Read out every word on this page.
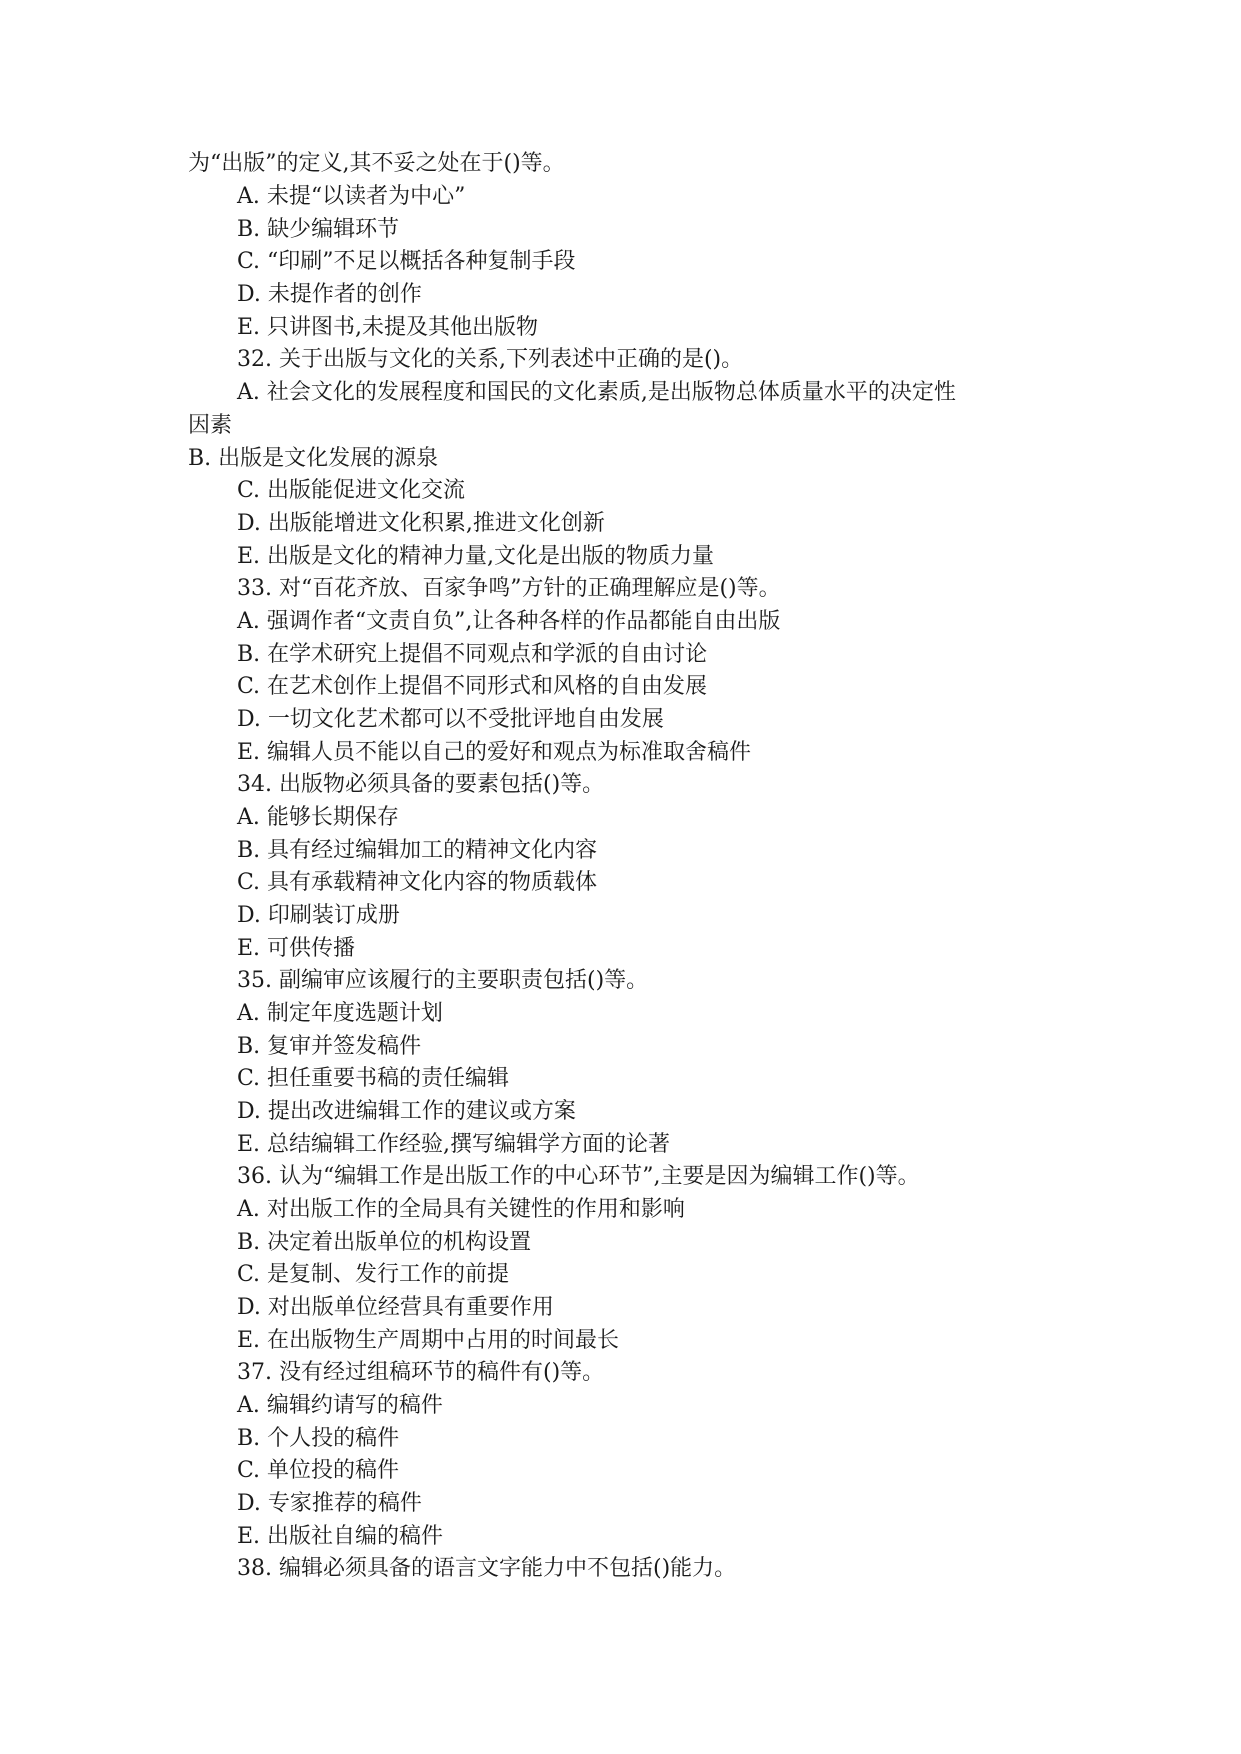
为“出版”的定义,其不妥之处在于()等。
A. 未提“以读者为中心”
B. 缺少编辑环节
C. “印刷”不足以概括各种复制手段
D. 未提作者的创作
E. 只讲图书,未提及其他出版物
32. 关于出版与文化的关系,下列表述中正确的是()。
A. 社会文化的发展程度和国民的文化素质,是出版物总体质量水平的决定性
因素
B. 出版是文化发展的源泉
C. 出版能促进文化交流
D. 出版能增进文化积累,推进文化创新
E. 出版是文化的精神力量,文化是出版的物质力量
33. 对“百花齐放、百家争鸣”方针的正确理解应是()等。
A. 强调作者“文责自负”,让各种各样的作品都能自由出版
B. 在学术研究上提倡不同观点和学派的自由讨论
C. 在艺术创作上提倡不同形式和风格的自由发展
D. 一切文化艺术都可以不受批评地自由发展
E. 编辑人员不能以自己的爱好和观点为标准取舍稿件
34. 出版物必须具备的要素包括()等。
A. 能够长期保存
B. 具有经过编辑加工的精神文化内容
C. 具有承载精神文化内容的物质载体
D. 印刷装订成册
E. 可供传播
35. 副编审应该履行的主要职责包括()等。
A. 制定年度选题计划
B. 复审并签发稿件
C. 担任重要书稿的责任编辑
D. 提出改进编辑工作的建议或方案
E. 总结编辑工作经验,撰写编辑学方面的论著
36. 认为“编辑工作是出版工作的中心环节”,主要是因为编辑工作()等。
A. 对出版工作的全局具有关键性的作用和影响
B. 决定着出版单位的机构设置
C. 是复制、发行工作的前提
D. 对出版单位经营具有重要作用
E. 在出版物生产周期中占用的时间最长
37. 没有经过组稿环节的稿件有()等。
A. 编辑约请写的稿件
B. 个人投的稿件
C. 单位投的稿件
D. 专家推荐的稿件
E. 出版社自编的稿件
38. 编辑必须具备的语言文字能力中不包括()能力。
